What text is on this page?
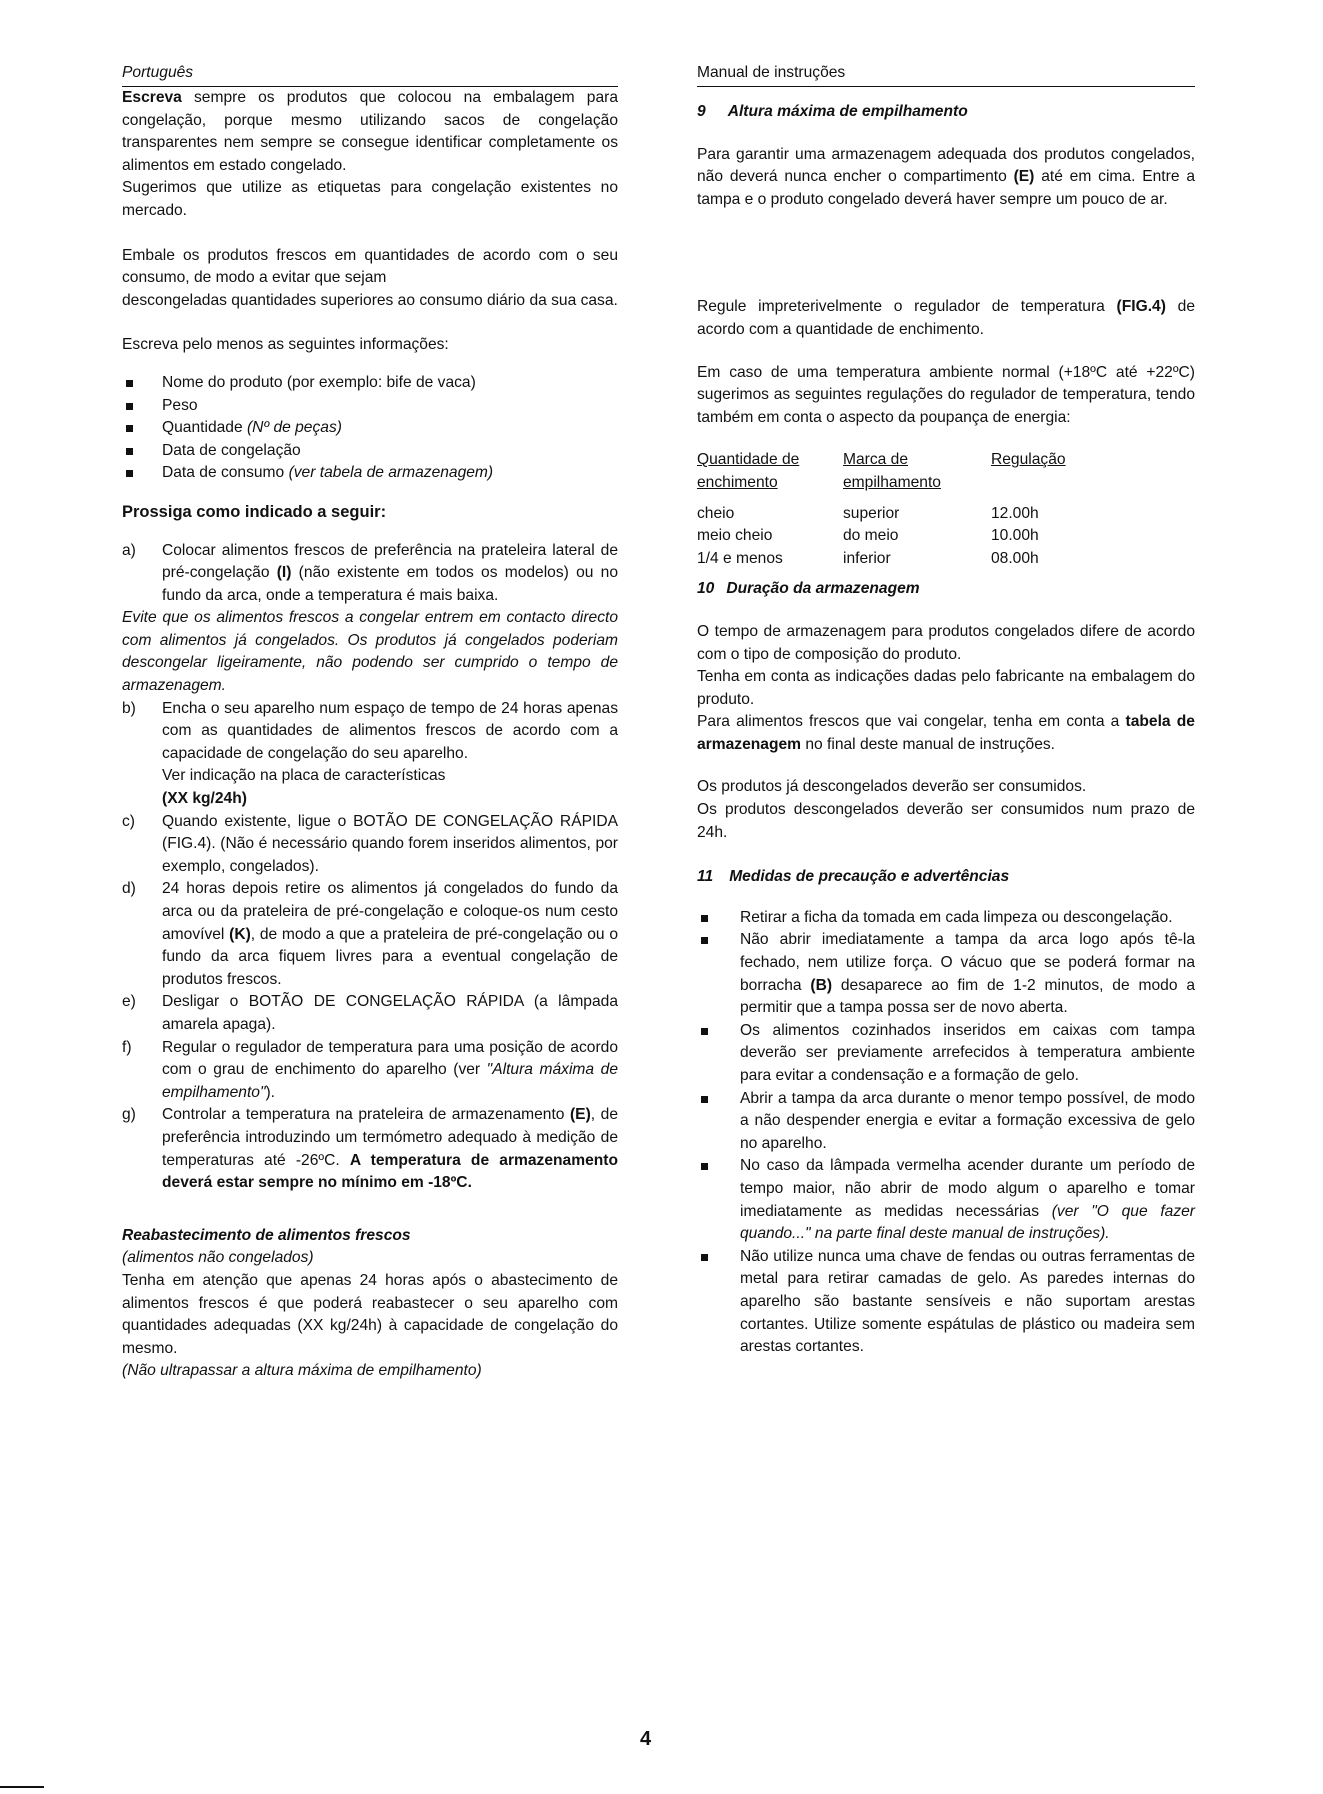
Português

Escreva sempre os produtos que colocou na embalagem para congelação, porque mesmo utilizando sacos de congelação transparentes nem sempre se consegue identificar completamente os alimentos em estado congelado.

Sugerimos que utilize as etiquetas para congelação existentes no mercado.

Embale os produtos frescos em quantidades de acordo com o seu consumo, de modo a evitar que sejam

descongeladas quantidades superiores ao consumo diário da sua casa.

Escreva pelo menos as seguintes informações:

Nome do produto (por exemplo: bife de vaca)
Peso
Quantidade (Nº de peças)
Data de congelação
Data de consumo (ver tabela de armazenagem)

Prossiga como indicado a seguir:

a) Colocar alimentos frescos de preferência na prateleira lateral de pré-congelação (I) (não existente em todos os modelos) ou no fundo da arca, onde a temperatura é mais baixa.

Evite que os alimentos frescos a congelar entrem em contacto directo com alimentos já congelados. Os produtos já congelados poderiam descongelar ligeiramente, não podendo ser cumprido o tempo de armazenagem.

b) Encha o seu aparelho num espaço de tempo de 24 horas apenas com as quantidades de alimentos frescos de acordo com a capacidade de congelação do seu aparelho.
Ver indicação na placa de características
(XX kg/24h)
c) Quando existente, ligue o BOTÃO DE CONGELAÇÃO RÁPIDA (FIG.4). (Não é necessário quando forem inseridos alimentos, por exemplo, congelados).
d) 24 horas depois retire os alimentos já congelados do fundo da arca ou da prateleira de pré-congelação e coloque-os num cesto amovível (K), de modo a que a prateleira de pré-congelação ou o fundo da arca fiquem livres para a eventual congelação de produtos frescos.
e) Desligar o BOTÃO DE CONGELAÇÃO RÁPIDA (a lâmpada amarela apaga).
f) Regular o regulador de temperatura para uma posição de acordo com o grau de enchimento do aparelho (ver "Altura máxima de empilhamento").
g) Controlar a temperatura na prateleira de armazenamento (E), de preferência introduzindo um termómetro adequado à medição de temperaturas até -26ºC. A temperatura de armazenamento deverá estar sempre no mínimo em -18ºC.

Reabastecimento de alimentos frescos

(alimentos não congelados)

Tenha em atenção que apenas 24 horas após o abastecimento de alimentos frescos é que poderá reabastecer o seu aparelho com quantidades adequadas (XX kg/24h) à capacidade de congelação do mesmo.

(Não ultrapassar a altura máxima de empilhamento)

Manual de instruções

9 Altura máxima de empilhamento

Para garantir uma armazenagem adequada dos produtos congelados, não deverá nunca encher o compartimento (E) até em cima. Entre a tampa e o produto congelado deverá haver sempre um pouco de ar.

Regule impreterivelmente o regulador de temperatura (FIG.4) de acordo com a quantidade de enchimento.

Em caso de uma temperatura ambiente normal (+18ºC até +22ºC) sugerimos as seguintes regulações do regulador de temperatura, tendo também em conta o aspecto da poupança de energia:

Quantidade de enchimento	Marca de empilhamento	Regulação

cheio	superior	12.00h
meio cheio	do meio	10.00h
1/4 e menos	inferior	08.00h

10 Duração da armazenagem

O tempo de armazenagem para produtos congelados difere de acordo com o tipo de composição do produto.

Tenha em conta as indicações dadas pelo fabricante na embalagem do produto.

Para alimentos frescos que vai congelar, tenha em conta a tabela de armazenagem no final deste manual de instruções.

Os produtos já descongelados deverão ser consumidos.

Os produtos descongelados deverão ser consumidos num prazo de 24h.

11 Medidas de precaução e advertências

Retirar a ficha da tomada em cada limpeza ou descongelação.
Não abrir imediatamente a tampa da arca logo após tê-la fechado, nem utilize força. O vácuo que se poderá formar na borracha (B) desaparece ao fim de 1-2 minutos, de modo a permitir que a tampa possa ser de novo aberta.
Os alimentos cozinhados inseridos em caixas com tampa deverão ser previamente arrefecidos à temperatura ambiente para evitar a condensação e a formação de gelo.
Abrir a tampa da arca durante o menor tempo possível, de modo a não despender energia e evitar a formação excessiva de gelo no aparelho.
No caso da lâmpada vermelha acender durante um período de tempo maior, não abrir de modo algum o aparelho e tomar imediatamente as medidas necessárias (ver "O que fazer quando..." na parte final deste manual de instruções).
Não utilize nunca uma chave de fendas ou outras ferramentas de metal para retirar camadas de gelo. As paredes internas do aparelho são bastante sensíveis e não suportam arestas cortantes. Utilize somente espátulas de plástico ou madeira sem arestas cortantes.
4
